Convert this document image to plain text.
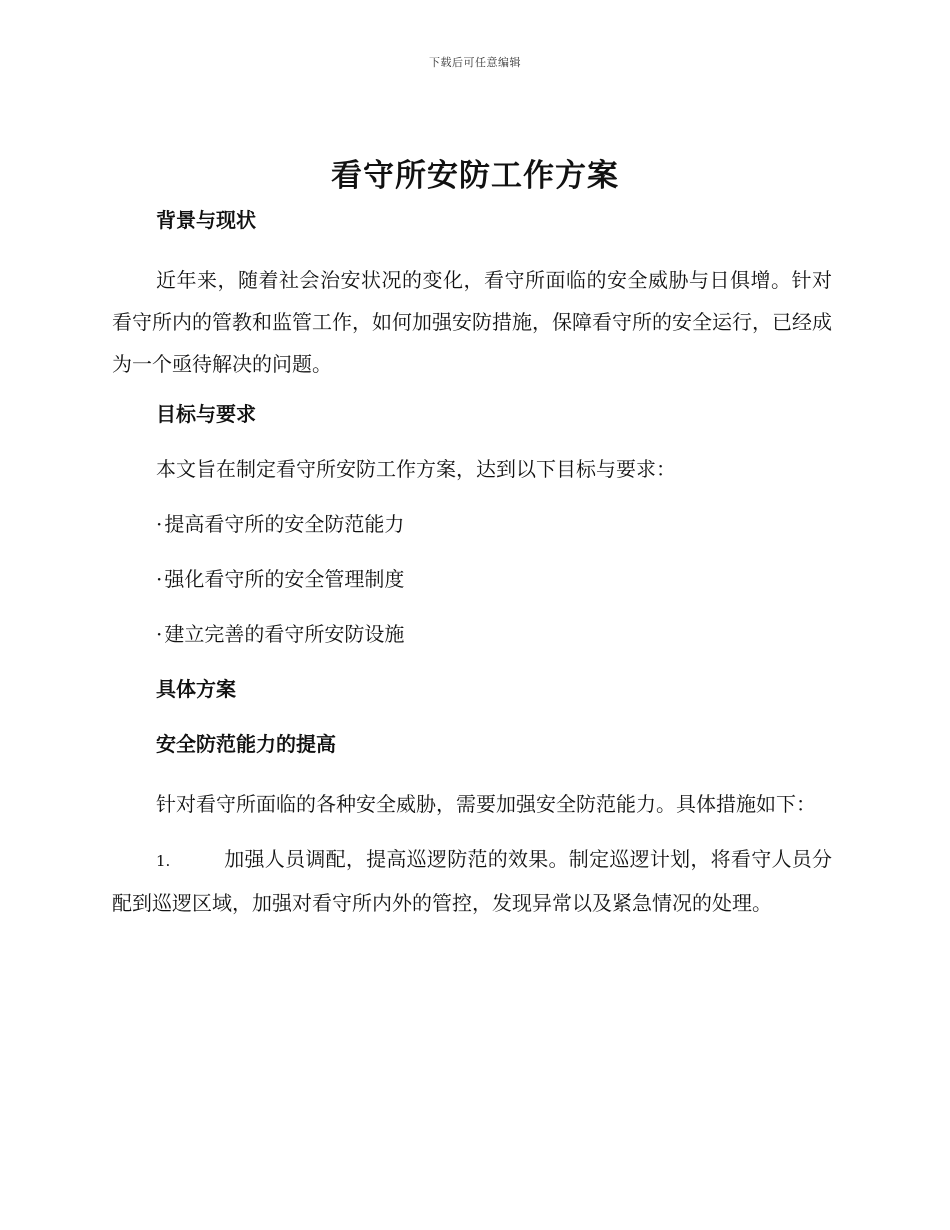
下载后可任意编辑
看守所安防工作方案
背景与现状

近年来，随着社会治安状况的变化，看守所面临的安全威胁与日俱增。针对看守所内的管教和监管工作，如何加强安防措施，保障看守所的安全运行，已经成为一个亟待解决的问题。

目标与要求
本文旨在制定看守所安防工作方案，达到以下目标与要求：
· 提高看守所的安全防范能力
· 强化看守所的安全管理制度
· 建立完善的看守所安防设施
具体方案
安全防范能力的提高

针对看守所面临的各种安全威胁，需要加强安全防范能力。具体措施如下：

1.	加强人员调配，提高巡逻防范的效果。制定巡逻计划，将看守人员分配到巡逻区域，加强对看守所内外的管控，发现异常以及紧急情况的处理。
